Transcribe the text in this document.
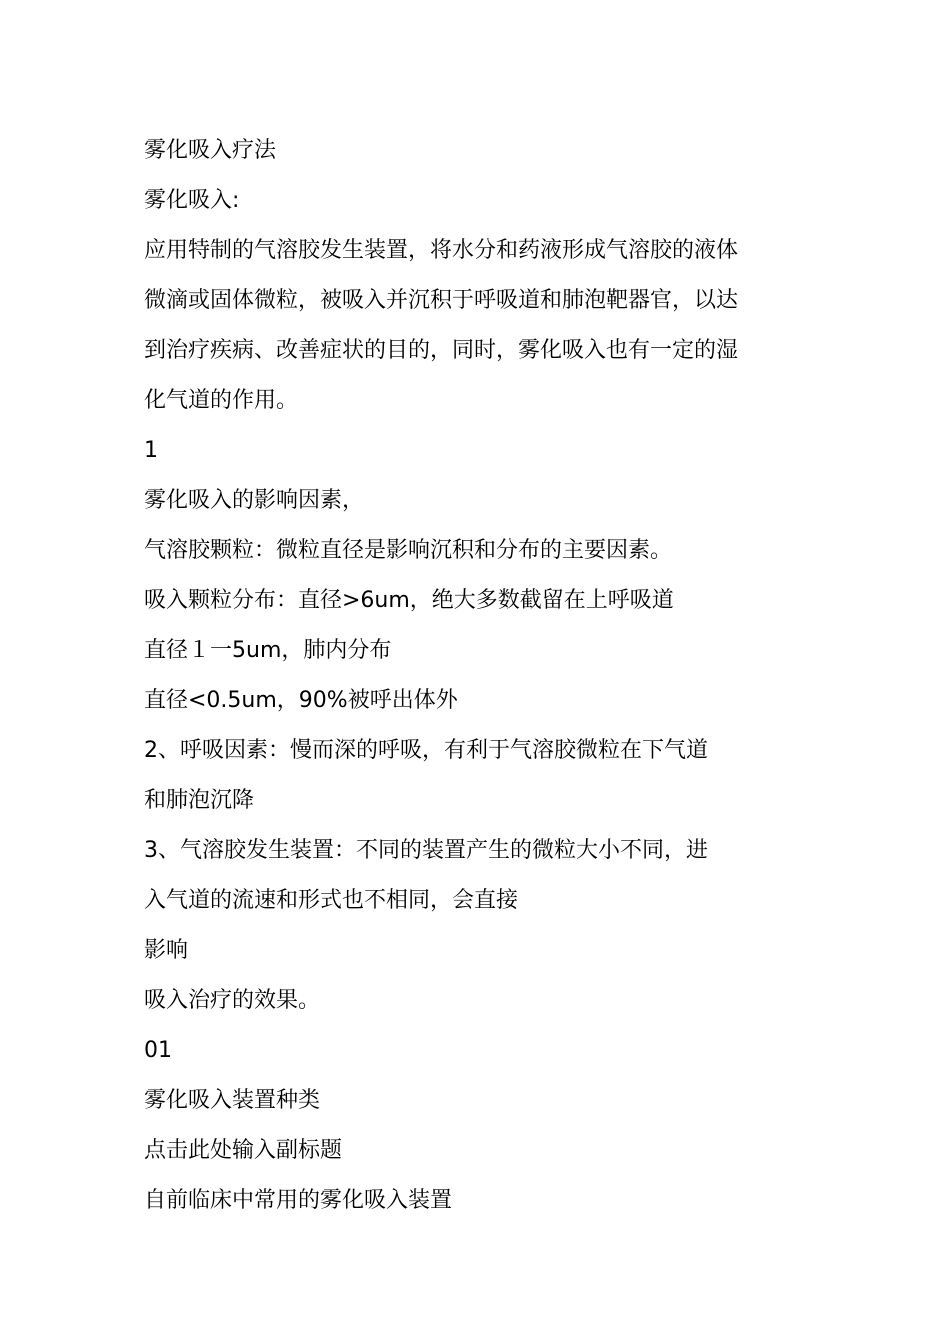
雾化吸入疗法
雾化吸入:
应用特制的气溶胶发生装置，将水分和药液形成气溶胶的液体
微滴或固体微粒，被吸入并沉积于呼吸道和肺泡靶器官，以达
到治疗疾病、改善症状的目的，同时，雾化吸入也有一定的湿
化气道的作用。
1
雾化吸入的影响因素，
气溶胶颗粒：微粒直径是影响沉积和分布的主要因素。
吸入颗粒分布：直径>6um，绝大多数截留在上呼吸道
直径１一5um，肺内分布
直径<0.5um，90%被呼出体外
2、呼吸因素：慢而深的呼吸，有利于气溶胶微粒在下气道
和肺泡沉降
3、气溶胶发生装置：不同的装置产生的微粒大小不同，进
入气道的流速和形式也不相同，会直接
影响
吸入治疗的效果。
01
雾化吸入装置种类
点击此处输入副标题
自前临床中常用的雾化吸入装置
